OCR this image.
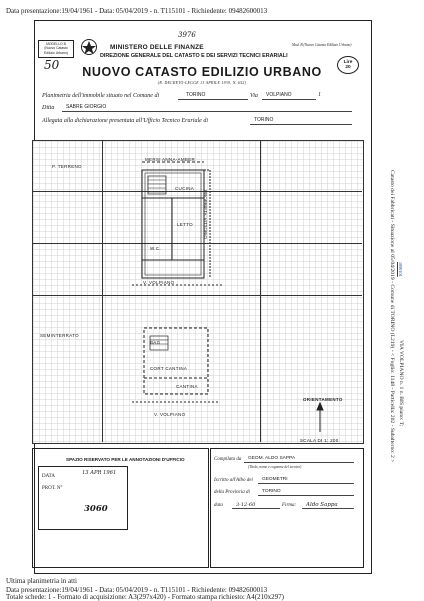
Data presentazione:19/04/1961 - Data: 05/04/2019 - n. T115101 - Richiedente: 09482600013
MODELLO B
(Nuovo Catasto
Edilizio Urbano)
3976
MINISTERO DELLE FINANZE
DIREZIONE GENERALE DEL CATASTO E DEI SERVIZI TECNICI ERARIALI
Mod. B (Nuovo Catasto Edilizio Urbano)
Lire
20
50	NUOVO CATASTO EDILIZIO URBANO
(R. DECRETO-LEGGE 13 APRILE 1939, N. 652)
Planimetria dell'immobile situato nel Comune di	TORINO	Via	VOLPIANO	1
Ditta	SABRE GIORGIO
Allegata alla dichiarazione presentata all'Ufficio Tecnico Erariale di	TORINO
P. TERRENO
MERSI ANNA-AMBER
V. VOLPIANO
SEMINTERRATO
V. VOLPIANO
PROPRIETA' VITTORIO
CUCINA
LETTO
W.C.
CORT CANTINA
CANTINA
BAG
ORIENTAMENTO
SCALA DI 1: 200
SPAZIO RISERVATO PER LE ANNOTAZIONI D'UFFICIO
DATA
PROT. N°
13 APR 1961
3060
Compilata da	GEOM. ALDO SAPPA
(Titolo, nome e cognome del tecnico)
Iscritto all'Albo dei	GEOMETRI
della Provincia di	TORINO
data	3-12-60	Firma:	Aldo Sappa
Catasto dei Fabbricati - Situazione al 05/04/2019 - Comune di TORINO (L219) - < Foglio: 1148 - Particella: 202 - Subalterno: 2 > VIA VOLPIANO n. 1 n. BIS piano: T;
1890101
Ultima planimetria in atti
Data presentazione:19/04/1961 - Data: 05/04/2019 - n. T115101 - Richiedente: 09482600013
Totale schede: 1 - Formato di acquisizione: A3(297x420) - Formato stampa richiesto: A4(210x297)
